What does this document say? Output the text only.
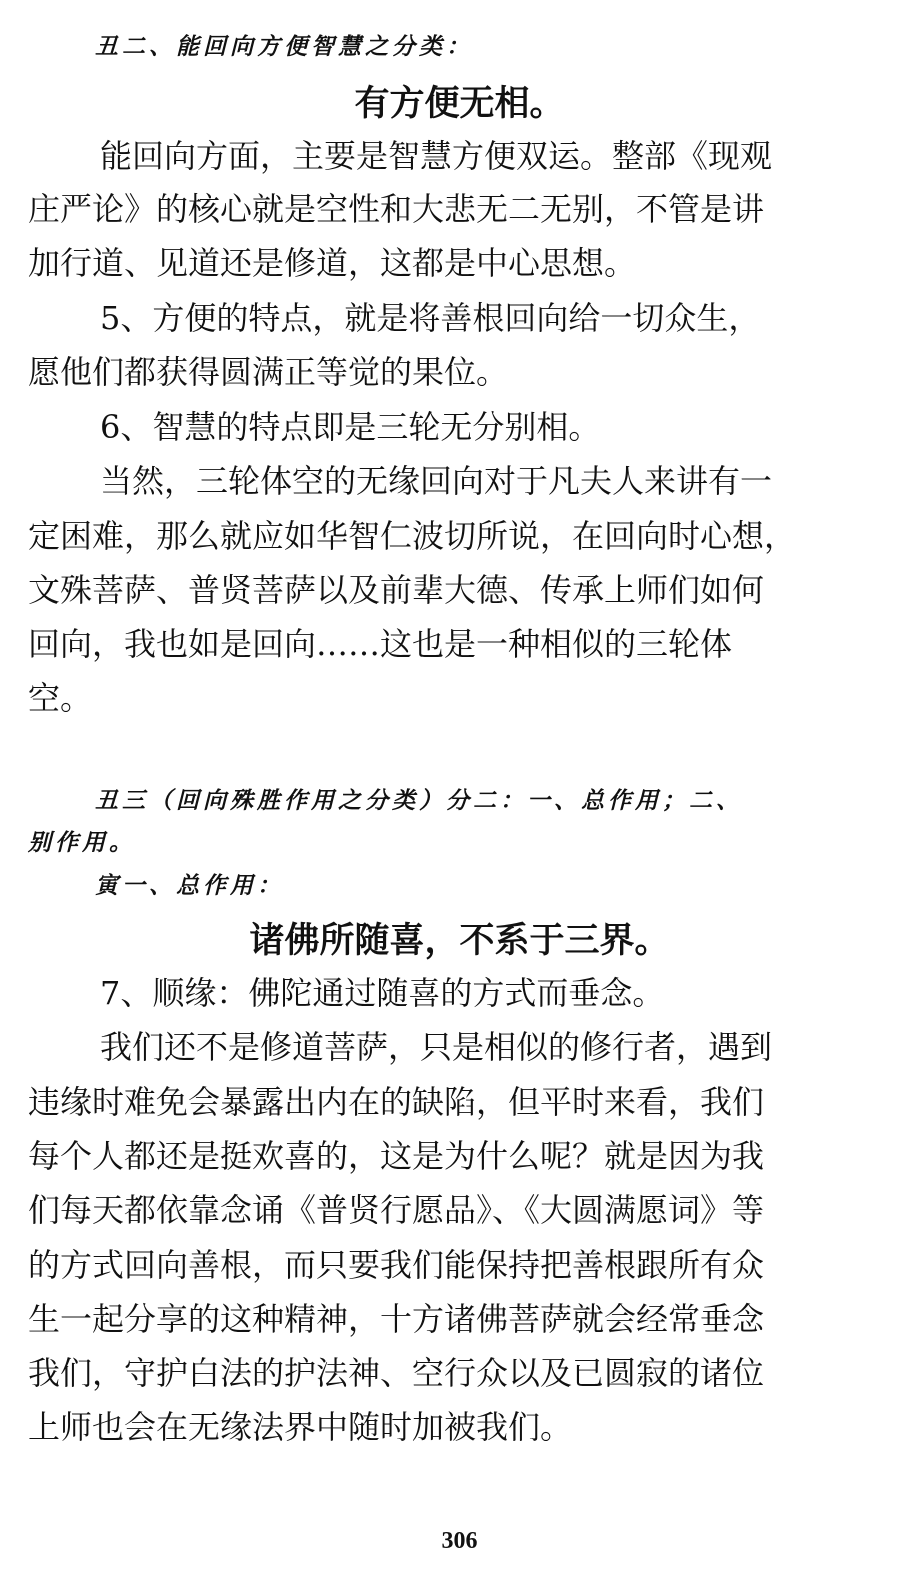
丑二、能回向方便智慧之分类：

有方便无相。

能回向方面，主要是智慧方便双运。整部《现观

庄严论》的核心就是空性和大悲无二无别，不管是讲

加行道、见道还是修道，这都是中心思想。

5、方便的特点，就是将善根回向给一切众生，

愿他们都获得圆满正等觉的果位。

6、智慧的特点即是三轮无分别相。

当然，三轮体空的无缘回向对于凡夫人来讲有一

定困难，那么就应如华智仁波切所说，在回向时心想，

文殊菩萨、普贤菩萨以及前辈大德、传承上师们如何

回向，我也如是回向……这也是一种相似的三轮体

空。

丑三（回向殊胜作用之分类）分二：一、总作用；二、

别作用。

寅一、总作用：

诸佛所随喜，不系于三界。

7、顺缘：佛陀通过随喜的方式而垂念。

我们还不是修道菩萨，只是相似的修行者，遇到

违缘时难免会暴露出内在的缺陷，但平时来看，我们

每个人都还是挺欢喜的，这是为什么呢？就是因为我

们每天都依靠念诵《普贤行愿品》、《大圆满愿词》等

的方式回向善根，而只要我们能保持把善根跟所有众

生一起分享的这种精神，十方诸佛菩萨就会经常垂念

我们，守护白法的护法神、空行众以及已圆寂的诸位

上师也会在无缘法界中随时加被我们。

306
